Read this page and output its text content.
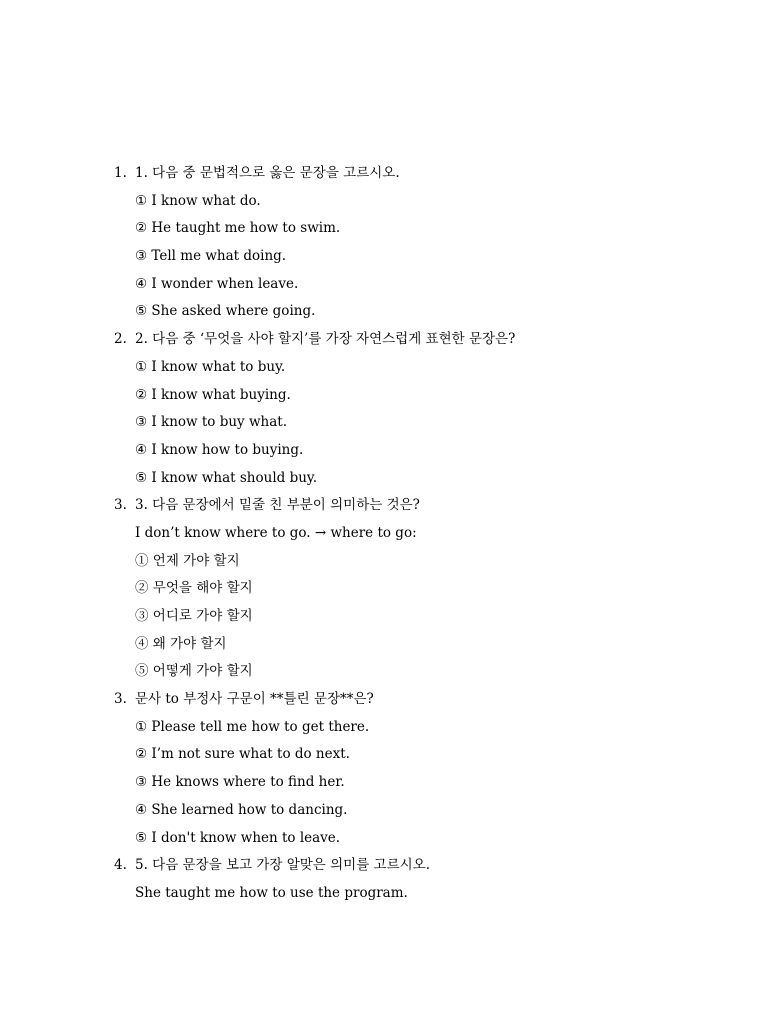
1. 1. 다음 중 문법적으로 옳은 문장을 고르시오.
① I know what do.
② He taught me how to swim.
③ Tell me what doing.
④ I wonder when leave.
⑤ She asked where going.
2. 2. 다음 중 ‘무엇을 사야 할지’를 가장 자연스럽게 표현한 문장은?
① I know what to buy.
② I know what buying.
③ I know to buy what.
④ I know how to buying.
⑤ I know what should buy.
3. 3. 다음 문장에서 밑줄 친 부분이 의미하는 것은?
I don’t know where to go. → where to go:
① 언제 가야 할지
② 무엇을 해야 할지
③ 어디로 가야 할지
④ 왜 가야 할지
⑤ 어떻게 가야 할지
3. 문사 to 부정사 구문이 **틀린 문장**은?
① Please tell me how to get there.
② I’m not sure what to do next.
③ He knows where to find her.
④ She learned how to dancing.
⑤ I don't know when to leave.
4. 5. 다음 문장을 보고 가장 알맞은 의미를 고르시오.
She taught me how to use the program.
